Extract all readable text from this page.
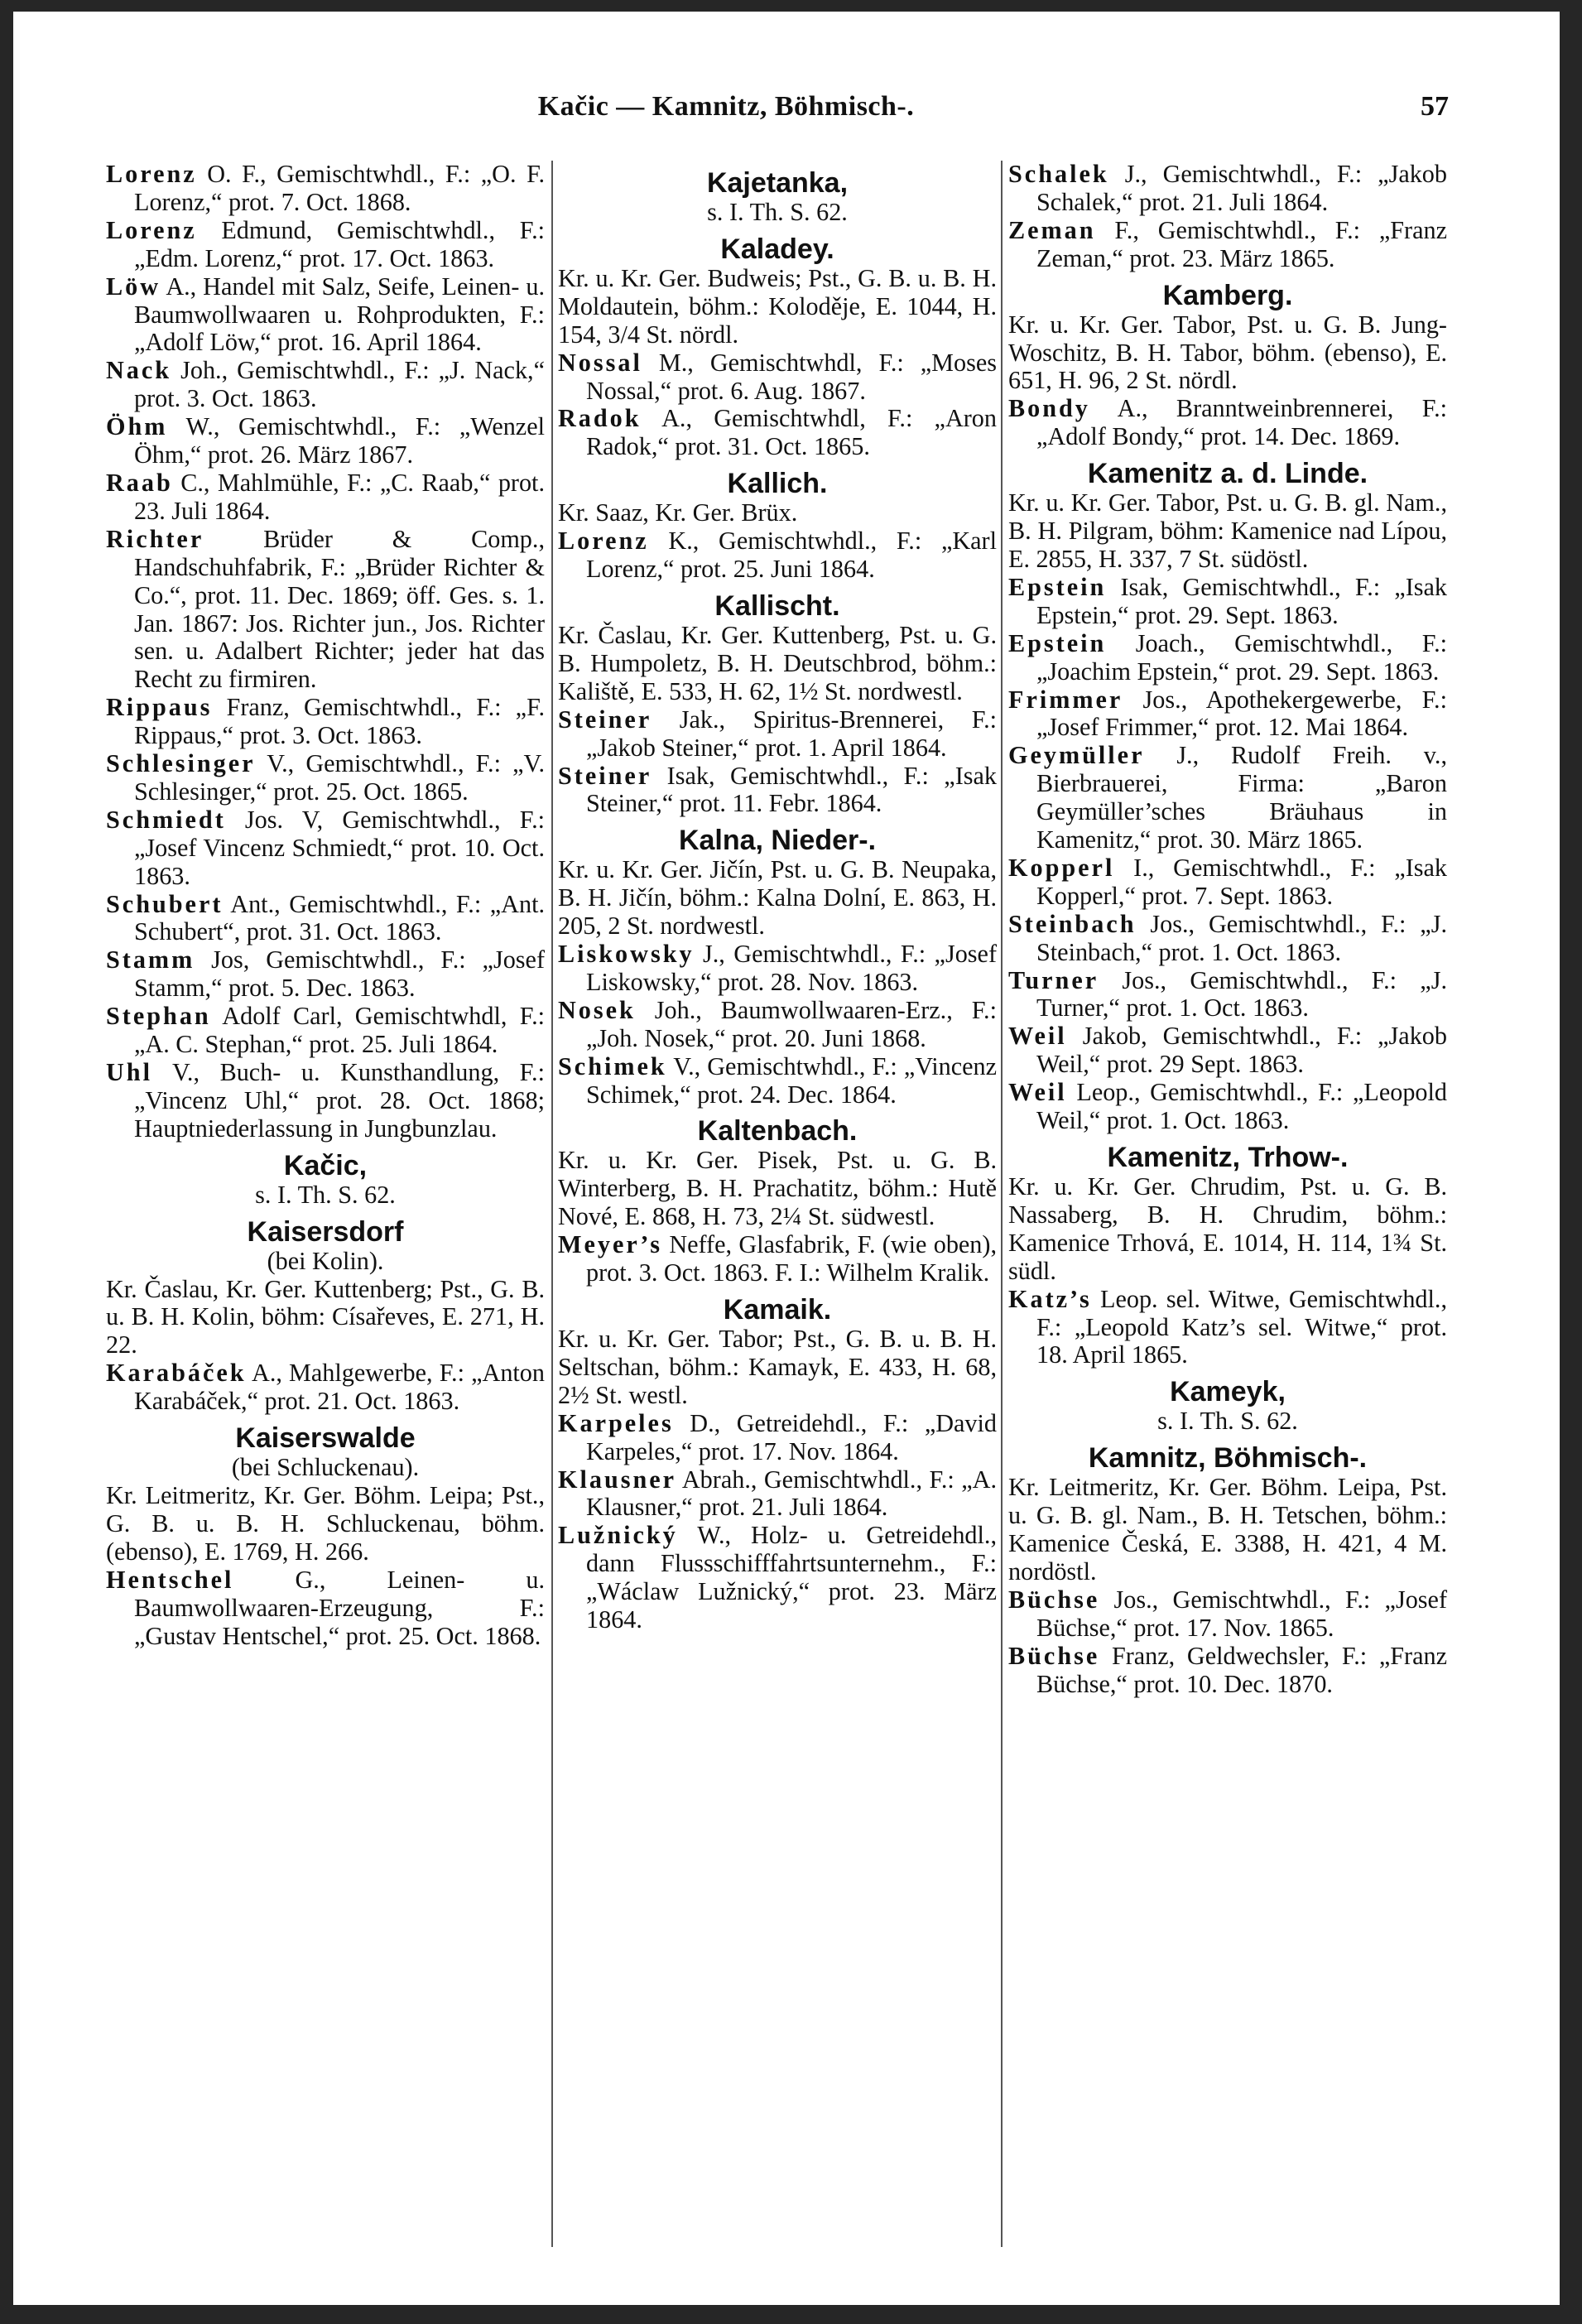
Kačic — Kamnitz, Böhmisch-.	57

Lorenz O. F., Gemischtwhdl., F.: „O. F. Lorenz,“ prot. 7. Oct. 1868.

Lorenz Edmund, Gemischtwhdl., F.: „Edm. Lorenz,“ prot. 17. Oct. 1863.

Löw A., Handel mit Salz, Seife, Leinen- u. Baumwollwaaren u. Rohprodukten, F.: „Adolf Löw,“ prot. 16. April 1864.

Nack Joh., Gemischtwhdl., F.: „J. Nack,“ prot. 3. Oct. 1863.

Öhm W., Gemischtwhdl., F.: „Wenzel Öhm,“ prot. 26. März 1867.

Raab C., Mahlmühle, F.: „C. Raab,“ prot. 23. Juli 1864.

Richter Brüder & Comp., Handschuhfabrik, F.: „Brüder Richter & Co.“, prot. 11. Dec. 1869; öff. Ges. s. 1. Jan. 1867: Jos. Richter jun., Jos. Richter sen. u. Adalbert Richter; jeder hat das Recht zu firmiren.

Rippaus Franz, Gemischtwhdl., F.: „F. Rippaus,“ prot. 3. Oct. 1863.

Schlesinger V., Gemischtwhdl., F.: „V. Schlesinger,“ prot. 25. Oct. 1865.

Schmiedt Jos. V, Gemischtwhdl., F.: „Josef Vincenz Schmiedt,“ prot. 10. Oct. 1863.

Schubert Ant., Gemischtwhdl., F.: „Ant. Schubert“, prot. 31. Oct. 1863.

Stamm Jos, Gemischtwhdl., F.: „Josef Stamm,“ prot. 5. Dec. 1863.

Stephan Adolf Carl, Gemischtwhdl, F.: „A. C. Stephan,“ prot. 25. Juli 1864.

Uhl V., Buch- u. Kunsthandlung, F.: „Vincenz Uhl,“ prot. 28. Oct. 1868; Hauptniederlassung in Jungbunzlau.

Kačic,

s. I. Th. S. 62.

Kaisersdorf

(bei Kolin).

Kr. Časlau, Kr. Ger. Kuttenberg; Pst., G. B. u. B. H. Kolin, böhm: Císařeves, E. 271, H. 22.

Karabáček A., Mahlgewerbe, F.: „Anton Karabáček,“ prot. 21. Oct. 1863.

Kaiserswalde

(bei Schluckenau).

Kr. Leitmeritz, Kr. Ger. Böhm. Leipa; Pst., G. B. u. B. H. Schluckenau, böhm. (ebenso), E. 1769, H. 266.

Hentschel G., Leinen- u. Baumwollwaaren-Erzeugung, F.: „Gustav Hentschel,“ prot. 25. Oct. 1868.

Kajetanka,

s. I. Th. S. 62.

Kaladey.

Kr. u. Kr. Ger. Budweis; Pst., G. B. u. B. H. Moldautein, böhm.: Koloděje, E. 1044, H. 154, 3/4 St. nördl.

Nossal M., Gemischtwhdl, F.: „Moses Nossal,“ prot. 6. Aug. 1867.

Radok A., Gemischtwhdl, F.: „Aron Radok,“ prot. 31. Oct. 1865.

Kallich.

Kr. Saaz, Kr. Ger. Brüx.

Lorenz K., Gemischtwhdl., F.: „Karl Lorenz,“ prot. 25. Juni 1864.

Kallischt.

Kr. Časlau, Kr. Ger. Kuttenberg, Pst. u. G. B. Humpoletz, B. H. Deutschbrod, böhm.: Kaliště, E. 533, H. 62, 1½ St. nordwestl.

Steiner Jak., Spiritus-Brennerei, F.: „Jakob Steiner,“ prot. 1. April 1864.

Steiner Isak, Gemischtwhdl., F.: „Isak Steiner,“ prot. 11. Febr. 1864.

Kalna, Nieder-.

Kr. u. Kr. Ger. Jičín, Pst. u. G. B. Neupaka, B. H. Jičín, böhm.: Kalna Dolní, E. 863, H. 205, 2 St. nordwestl.

Liskowsky J., Gemischtwhdl., F.: „Josef Liskowsky,“ prot. 28. Nov. 1863.

Nosek Joh., Baumwollwaaren-Erz., F.: „Joh. Nosek,“ prot. 20. Juni 1868.

Schimek V., Gemischtwhdl., F.: „Vincenz Schimek,“ prot. 24. Dec. 1864.

Kaltenbach.

Kr. u. Kr. Ger. Pisek, Pst. u. G. B. Winterberg, B. H. Prachatitz, böhm.: Hutě Nové, E. 868, H. 73, 2¼ St. südwestl.

Meyer’s Neffe, Glasfabrik, F. (wie oben), prot. 3. Oct. 1863. F. I.: Wilhelm Kralik.

Kamaik.

Kr. u. Kr. Ger. Tabor; Pst., G. B. u. B. H. Seltschan, böhm.: Kamayk, E. 433, H. 68, 2½ St. westl.

Karpeles D., Getreidehdl., F.: „David Karpeles,“ prot. 17. Nov. 1864.

Klausner Abrah., Gemischtwhdl., F.: „A. Klausner,“ prot. 21. Juli 1864.

Lužnický W., Holz- u. Getreidehdl., dann Flussschifffahrtsunternehm., F.: „Wáclaw Lužnický,“ prot. 23. März 1864.

Schalek J., Gemischtwhdl., F.: „Jakob Schalek,“ prot. 21. Juli 1864.

Zeman F., Gemischtwhdl., F.: „Franz Zeman,“ prot. 23. März 1865.

Kamberg.

Kr. u. Kr. Ger. Tabor, Pst. u. G. B. Jung-Woschitz, B. H. Tabor, böhm. (ebenso), E. 651, H. 96, 2 St. nördl.

Bondy A., Branntweinbrennerei, F.: „Adolf Bondy,“ prot. 14. Dec. 1869.

Kamenitz a. d. Linde.

Kr. u. Kr. Ger. Tabor, Pst. u. G. B. gl. Nam., B. H. Pilgram, böhm: Kamenice nad Lípou, E. 2855, H. 337, 7 St. südöstl.

Epstein Isak, Gemischtwhdl., F.: „Isak Epstein,“ prot. 29. Sept. 1863.

Epstein Joach., Gemischtwhdl., F.: „Joachim Epstein,“ prot. 29. Sept. 1863.

Frimmer Jos., Apothekergewerbe, F.: „Josef Frimmer,“ prot. 12. Mai 1864.

Geymüller J., Rudolf Freih. v., Bierbrauerei, Firma: „Baron Geymüller’sches Bräuhaus in Kamenitz,“ prot. 30. März 1865.

Kopperl I., Gemischtwhdl., F.: „Isak Kopperl,“ prot. 7. Sept. 1863.

Steinbach Jos., Gemischtwhdl., F.: „J. Steinbach,“ prot. 1. Oct. 1863.

Turner Jos., Gemischtwhdl., F.: „J. Turner,“ prot. 1. Oct. 1863.

Weil Jakob, Gemischtwhdl., F.: „Jakob Weil,“ prot. 29 Sept. 1863.

Weil Leop., Gemischtwhdl., F.: „Leopold Weil,“ prot. 1. Oct. 1863.

Kamenitz, Trhow-.

Kr. u. Kr. Ger. Chrudim, Pst. u. G. B. Nassaberg, B. H. Chrudim, böhm.: Kamenice Trhová, E. 1014, H. 114, 1¾ St. südl.

Katz’s Leop. sel. Witwe, Gemischtwhdl., F.: „Leopold Katz’s sel. Witwe,“ prot. 18. April 1865.

Kameyk,

s. I. Th. S. 62.

Kamnitz, Böhmisch-.

Kr. Leitmeritz, Kr. Ger. Böhm. Leipa, Pst. u. G. B. gl. Nam., B. H. Tetschen, böhm.: Kamenice Česká, E. 3388, H. 421, 4 M. nordöstl.

Büchse Jos., Gemischtwhdl., F.: „Josef Büchse,“ prot. 17. Nov. 1865.

Büchse Franz, Geldwechsler, F.: „Franz Büchse,“ prot. 10. Dec. 1870.
